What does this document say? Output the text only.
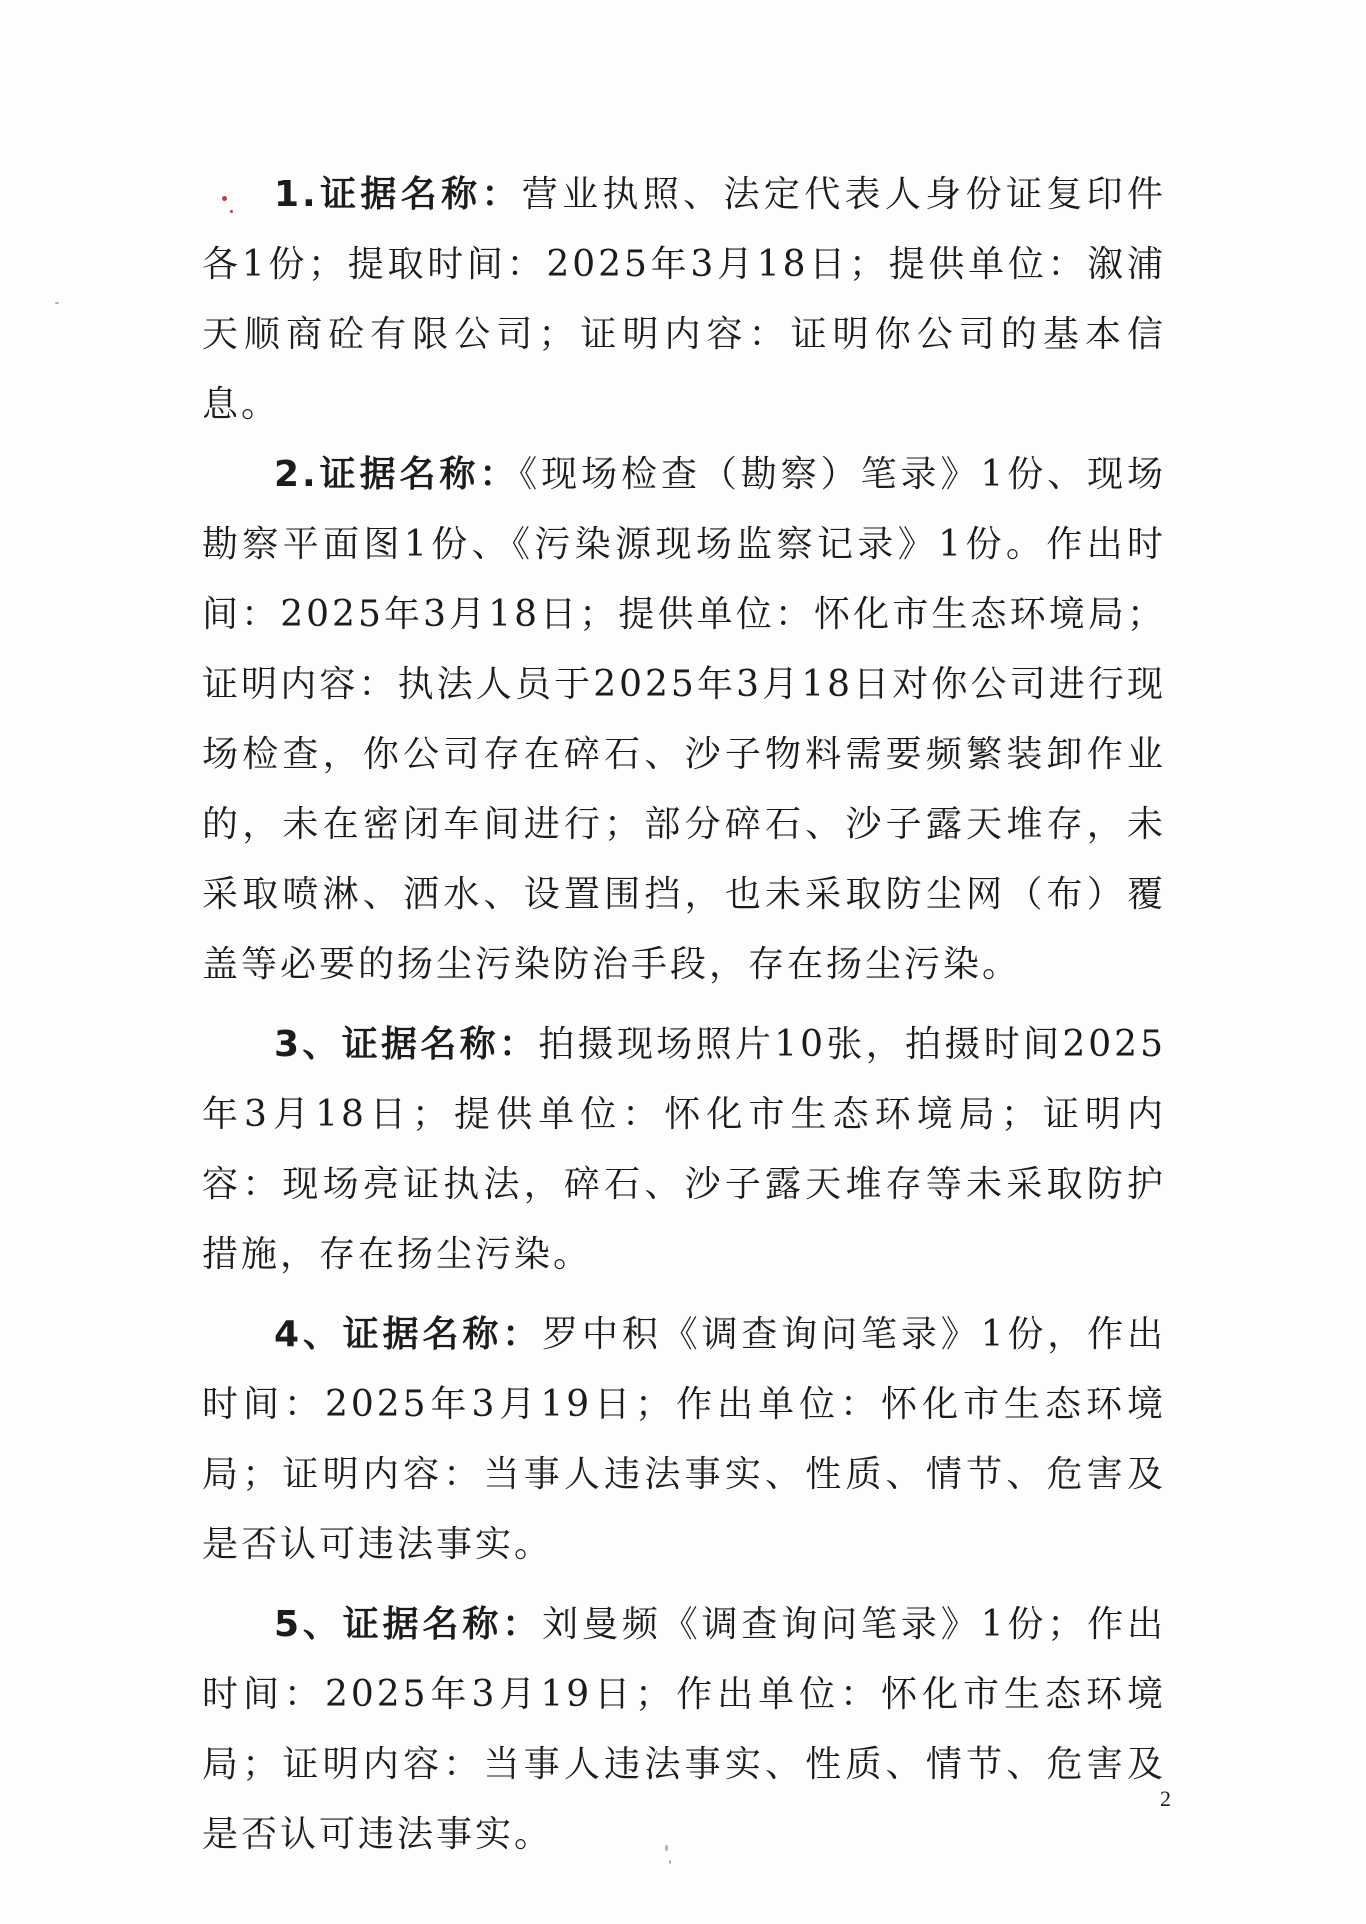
1.证据名称：营业执照、法定代表人身份证复印件各1份；提取时间：2025年3月18日；提供单位：溆浦天顺商砼有限公司；证明内容：证明你公司的基本信息。

2.证据名称：《现场检查（勘察）笔录》1份、现场勘察平面图1份、《污染源现场监察记录》1份。作出时间：2025年3月18日；提供单位：怀化市生态环境局；证明内容：执法人员于2025年3月18日对你公司进行现场检查，你公司存在碎石、沙子物料需要频繁装卸作业的，未在密闭车间进行；部分碎石、沙子露天堆存，未采取喷淋、洒水、设置围挡，也未采取防尘网（布）覆盖等必要的扬尘污染防治手段，存在扬尘污染。

3、证据名称：拍摄现场照片10张，拍摄时间2025年3月18日；提供单位：怀化市生态环境局；证明内容：现场亮证执法，碎石、沙子露天堆存等未采取防护措施，存在扬尘污染。

4、证据名称：罗中积《调查询问笔录》1份，作出时间：2025年3月19日；作出单位：怀化市生态环境局；证明内容：当事人违法事实、性质、情节、危害及是否认可违法事实。

5、证据名称：刘曼频《调查询问笔录》1份；作出时间：2025年3月19日；作出单位：怀化市生态环境局；证明内容：当事人违法事实、性质、情节、危害及是否认可违法事实。

2
